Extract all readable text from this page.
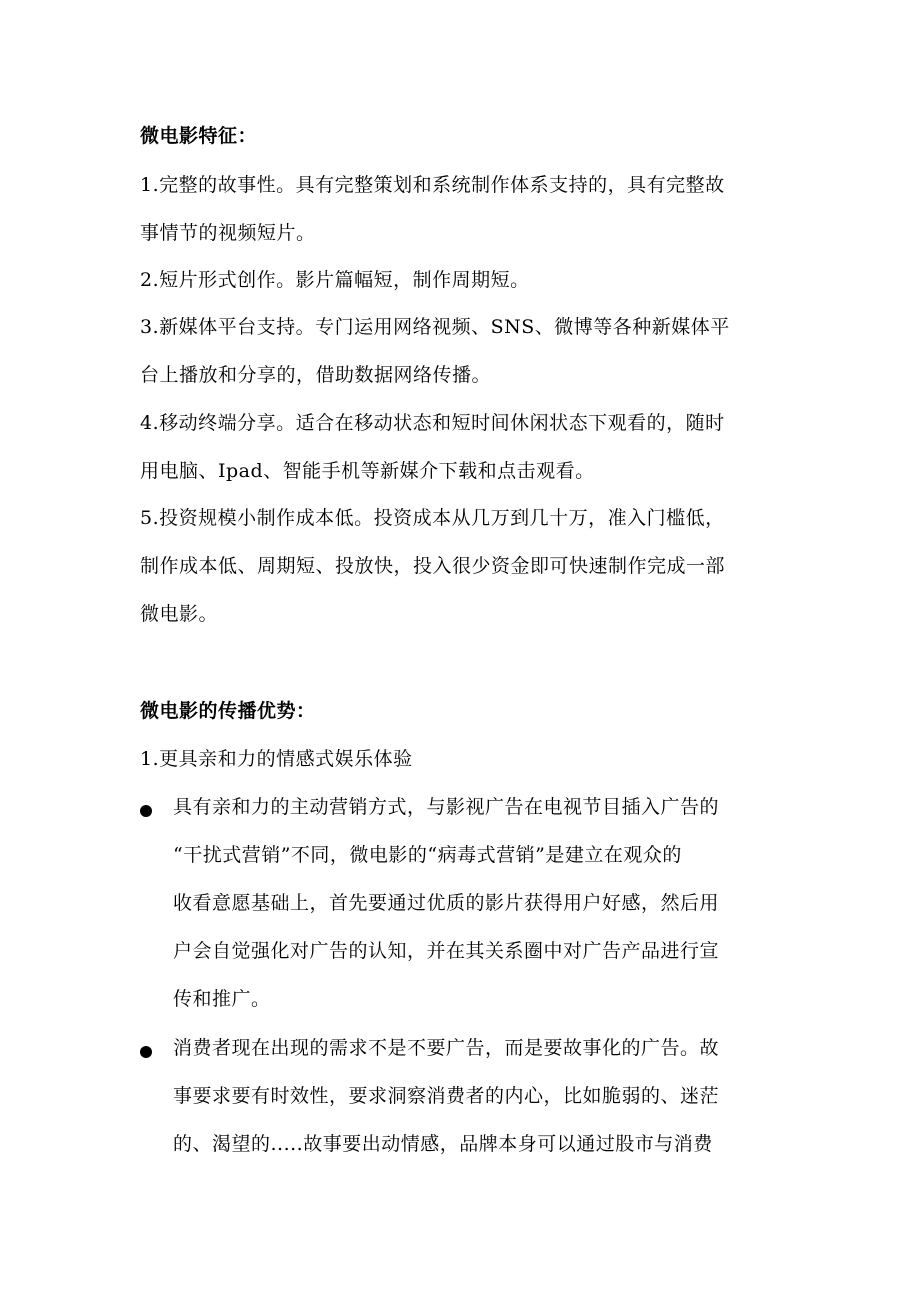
微电影特征：
1.完整的故事性。具有完整策划和系统制作体系支持的，具有完整故
事情节的视频短片。
2.短片形式创作。影片篇幅短，制作周期短。
3.新媒体平台支持。专门运用网络视频、SNS、微博等各种新媒体平
台上播放和分享的，借助数据网络传播。
4.移动终端分享。适合在移动状态和短时间休闲状态下观看的，随时
用电脑、Ipad、智能手机等新媒介下载和点击观看。
5.投资规模小制作成本低。投资成本从几万到几十万，准入门槛低，
制作成本低、周期短、投放快，投入很少资金即可快速制作完成一部
微电影。
微电影的传播优势：
1.更具亲和力的情感式娱乐体验
具有亲和力的主动营销方式，与影视广告在电视节目插入广告的
“干扰式营销”不同，微电影的“病毒式营销”是建立在观众的
收看意愿基础上，首先要通过优质的影片获得用户好感，然后用
户会自觉强化对广告的认知，并在其关系圈中对广告产品进行宣
传和推广。
消费者现在出现的需求不是不要广告，而是要故事化的广告。故
事要求要有时效性，要求洞察消费者的内心，比如脆弱的、迷茫
的、渴望的.....故事要出动情感，品牌本身可以通过股市与消费
